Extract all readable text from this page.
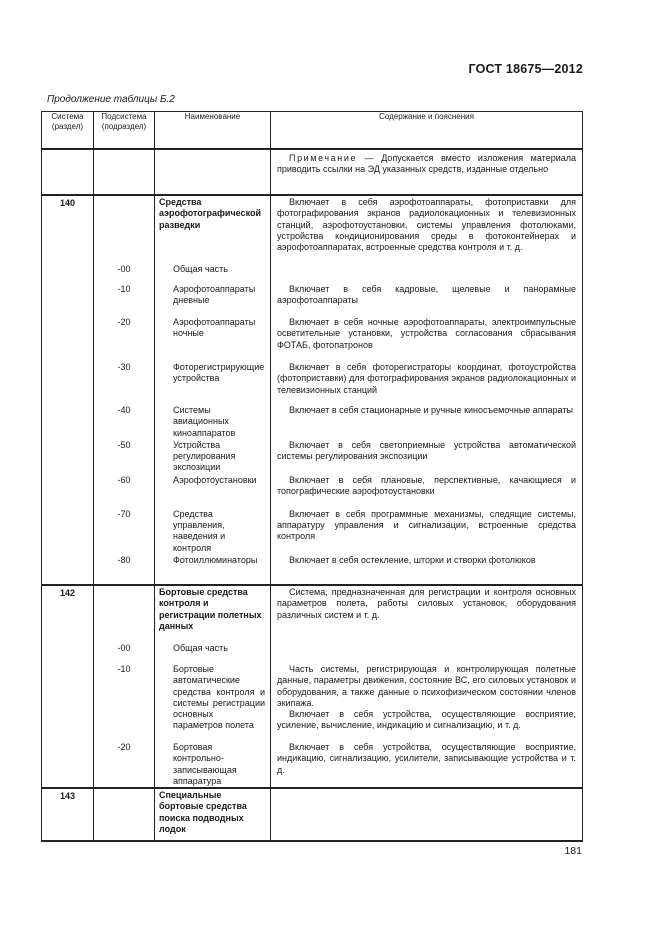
ГОСТ 18675—2012
Продолжение таблицы Б.2
Система (раздел)	Подсистема (подраздел)	Наименование	Содержание и пояснения

			Примечание — Допускается вместо изложения материала приводить ссылки на ЭД указанных средств, изданные отдельно

140		Средства аэрофотографической разведки	Включает в себя аэрофотоаппараты, фотоприставки для фотографирования экранов радиолокационных и телевизионных станций, аэрофотоустановки, системы управления фотолюками, устройства кондиционирования среды в фотоконтейнерах и аэрофотоаппаратах, встроенные средства контроля и т. д.

	-00	Общая часть	
	-10	Аэрофотоаппараты дневные	Включает в себя кадровые, щелевые и панорамные аэрофотоаппараты

	-20	Аэрофотоаппараты ночные	Включает в себя ночные аэрофотоаппараты, электроимпульсные осветительные установки, устройства согласования сбрасывания ФОТАБ, фотопатронов

	-30	Фоторегистрирующие устройства	Включает в себя фоторегистраторы координат, фотоустройства (фотоприставки) для фотографирования экранов радиолокационных и телевизионных станций

	-40	Системы авиационных киноаппаратов	Включает в себя стационарные и ручные киносъемочные аппараты

	-50	Устройства регулирования экспозиции	Включает в себя светоприемные устройства автоматической системы регулирования экспозиции

	-60	Аэрофотоустановки	Включает в себя плановые, перспективные, качающиеся и топографические аэрофотоустановки

	-70	Средства управления, наведения и контроля	Включает в себя программные механизмы, следящие системы, аппаратуру управления и сигнализации, встроенные средства контроля

	-80	Фотоиллюминаторы	Включает в себя остекление, шторки и створки фотолюков

142		Бортовые средства контроля и регистрации полетных данных	Система, предназначенная для регистрации и контроля основных параметров полета, работы силовых установок, оборудования различных систем и т. д.

	-00	Общая часть	
	-10	Бортовые автоматические средства контроля и системы регистрации основных параметров полета	Часть системы, регистрирующая и контролирующая полетные данные, параметры движения, состояние ВС, его силовых установок и оборудования, а также данные о психофизическом состоянии членов экипажа.

Включает в себя устройства, осуществляющие восприятие, усиление, вычисление, индикацию и сигнализацию, и т. д.

	-20	Бортовая контрольно-записывающая аппаратура	Включает в себя устройства, осуществляющие восприятие, индикацию, сигнализацию, усилители, записывающие устройства и т. д.

143		Специальные бортовые средства поиска подводных лодок	
181
